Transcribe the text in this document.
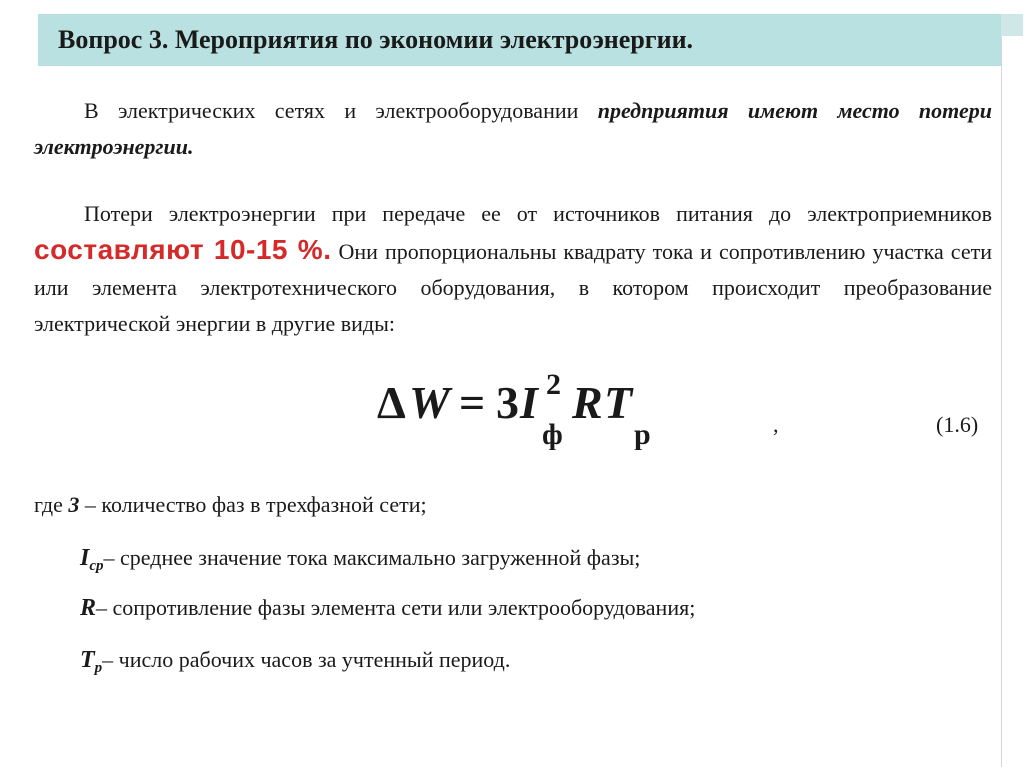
Вопрос 3. Мероприятия по экономии электроэнергии.
В электрических сетях и электрооборудовании предприятия имеют место потери электроэнергии.
Потери электроэнергии при передаче ее от источников питания до электроприемников составляют 10-15 %. Они пропорциональны квадрату тока и сопротивлению участка сети или элемента электротехнического оборудования, в котором происходит преобразование электрической энергии в другие виды:
Δ W = 3 I 2
ф
R T
р	,	(1.6)
где 3 – количество фаз в трехфазной сети;
$I_{ср}-$ среднее значение тока максимально загруженной фазы;
R– сопротивление фазы элемента сети или электрооборудования;
$T_р-$ число рабочих часов за учтенный период.
